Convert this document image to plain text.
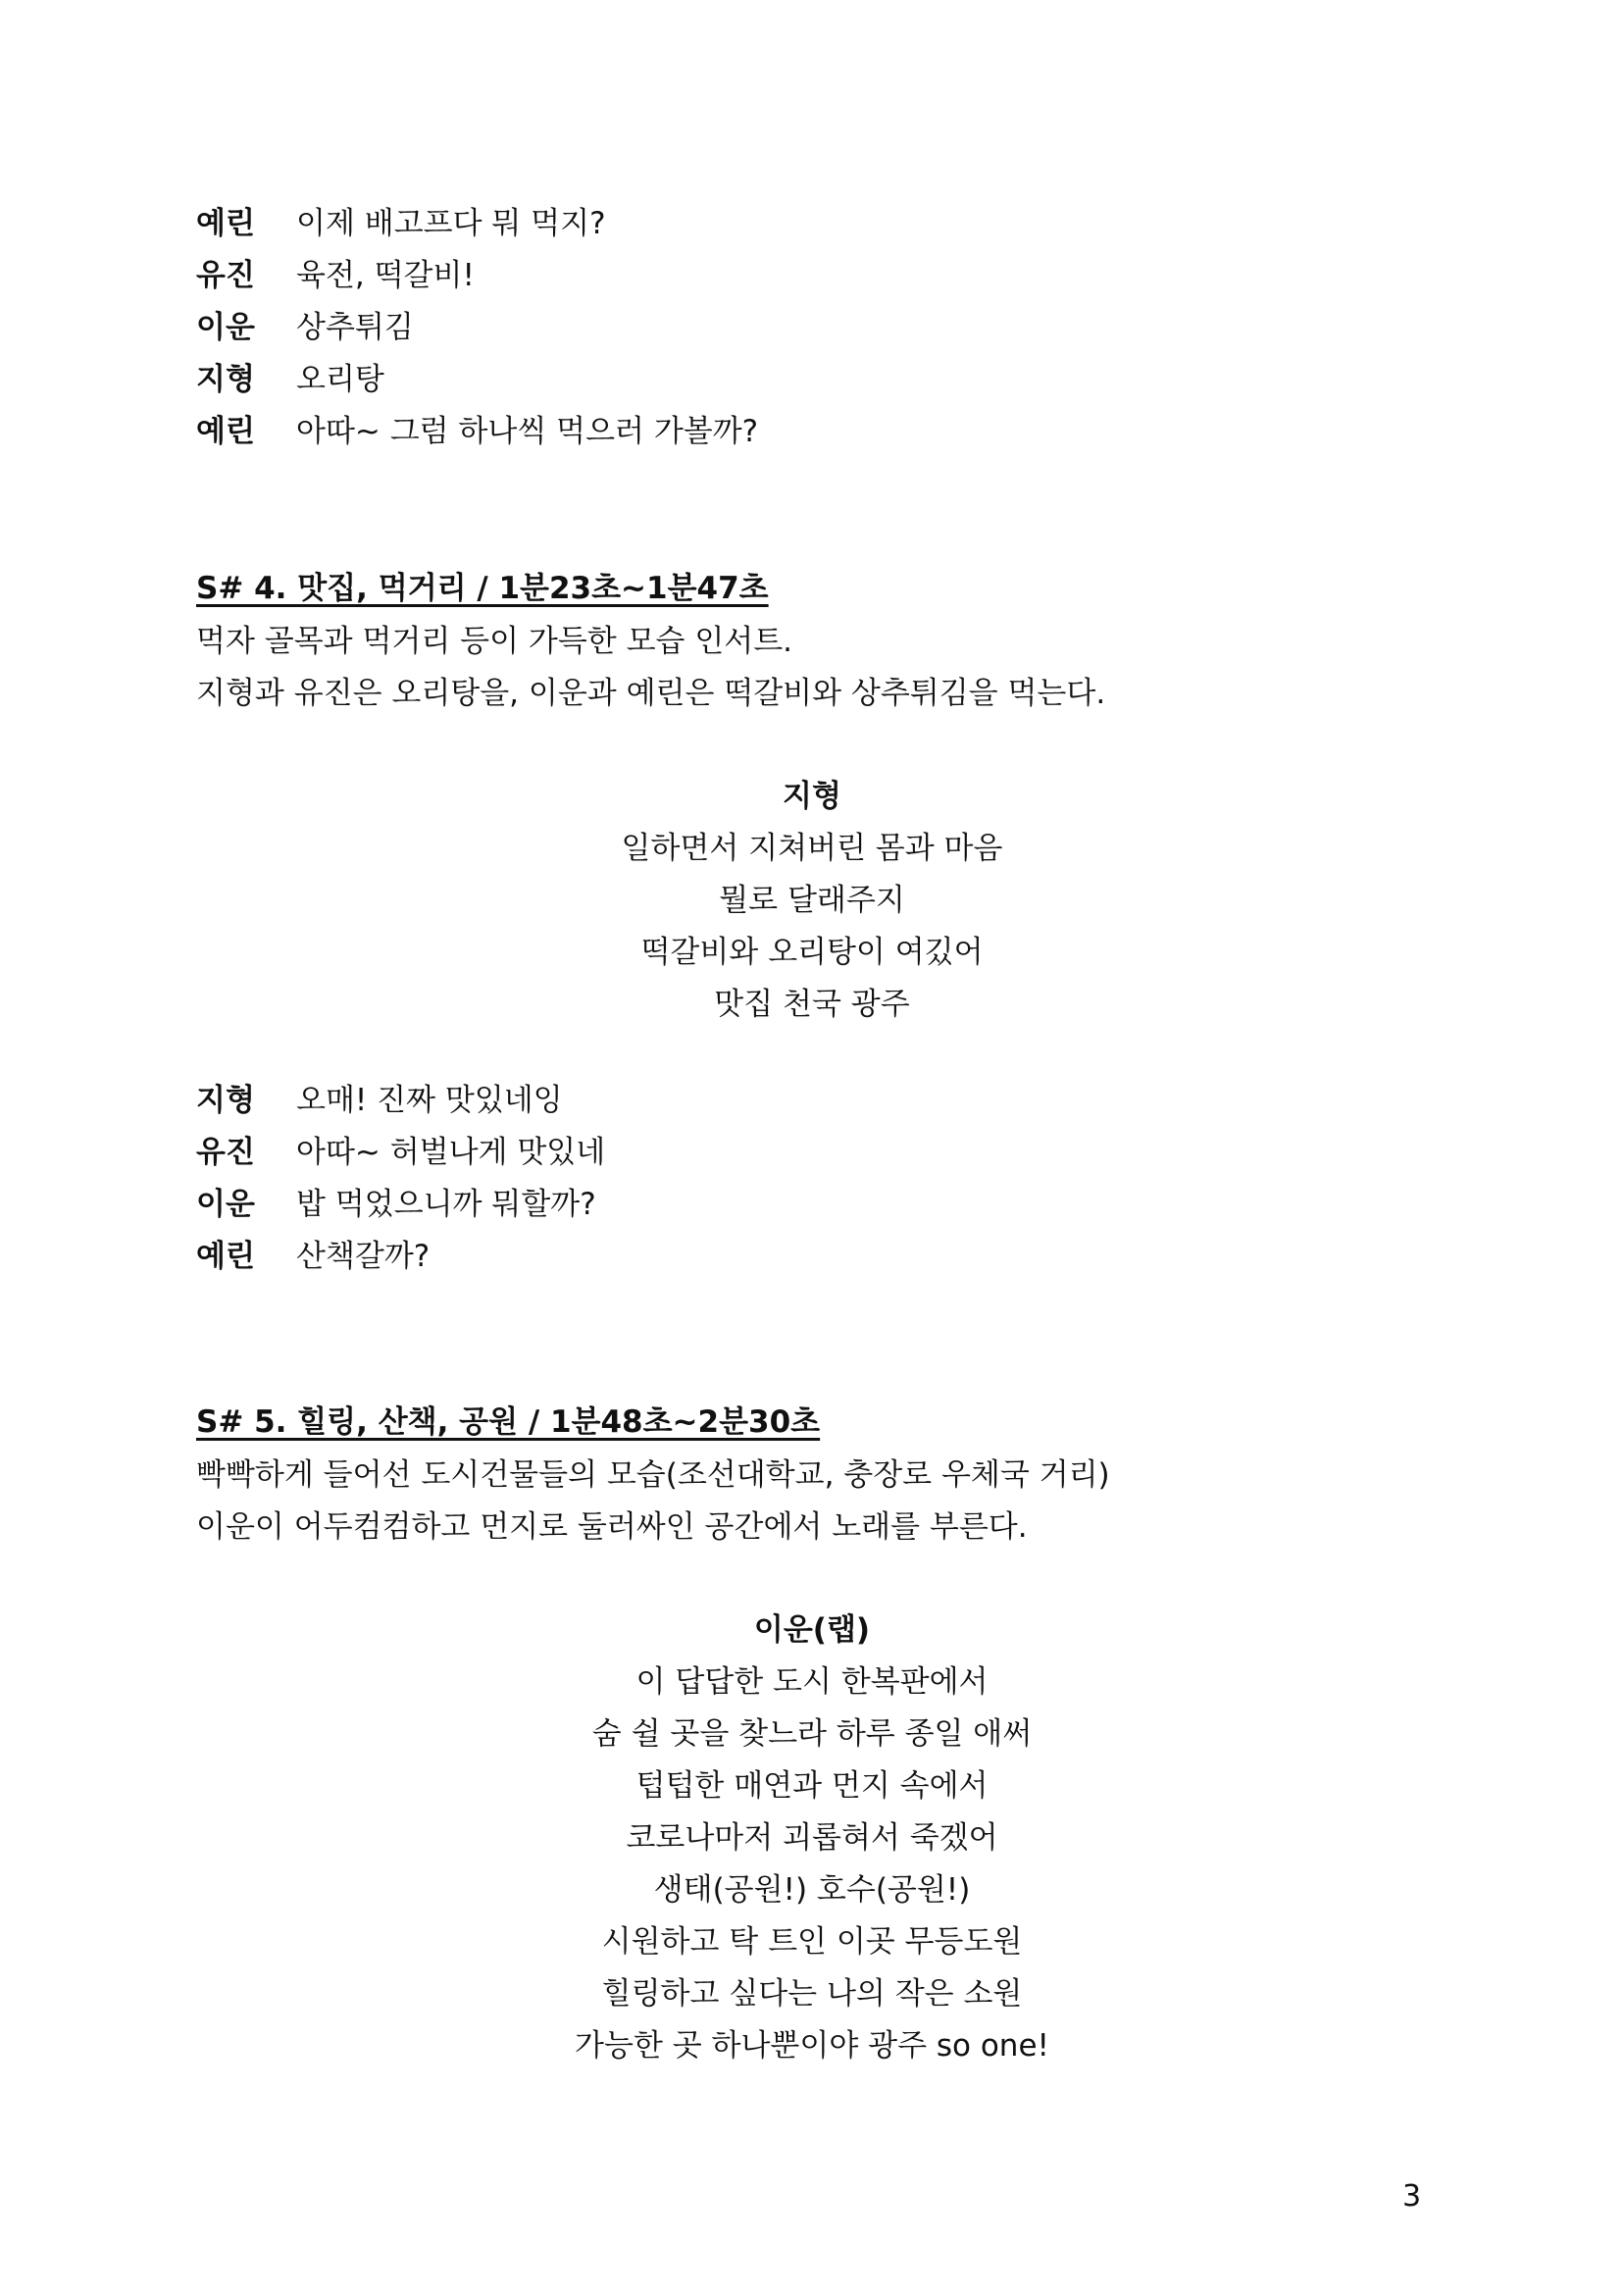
예린	이제 배고프다 뭐 먹지?
유진	육전, 떡갈비!
이운	상추튀김
지형	오리탕
예린	아따~ 그럼 하나씩 먹으러 가볼까?
S# 4. 맛집, 먹거리 / 1분23초~1분47초
먹자 골목과 먹거리 등이 가득한 모습 인서트.
지형과 유진은 오리탕을, 이운과 예린은 떡갈비와 상추튀김을 먹는다.
지형
일하면서 지쳐버린 몸과 마음
뭘로 달래주지
떡갈비와 오리탕이 여깄어
맛집 천국 광주
지형	오매! 진짜 맛있네잉
유진	아따~ 허벌나게 맛있네
이운	밥 먹었으니까 뭐할까?
예린	산책갈까?
S# 5. 힐링, 산책, 공원 / 1분48초~2분30초
빡빡하게 들어선 도시건물들의 모습(조선대학교, 충장로 우체국 거리)
이운이 어두컴컴하고 먼지로 둘러싸인 공간에서 노래를 부른다.
이운(랩)
이 답답한 도시 한복판에서
숨 쉴 곳을 찾느라 하루 종일 애써
텁텁한 매연과 먼지 속에서
코로나마저 괴롭혀서 죽겠어
생태(공원!) 호수(공원!)
시원하고 탁 트인 이곳 무등도원
힐링하고 싶다는 나의 작은 소원
가능한 곳 하나뿐이야 광주 so one!
3
